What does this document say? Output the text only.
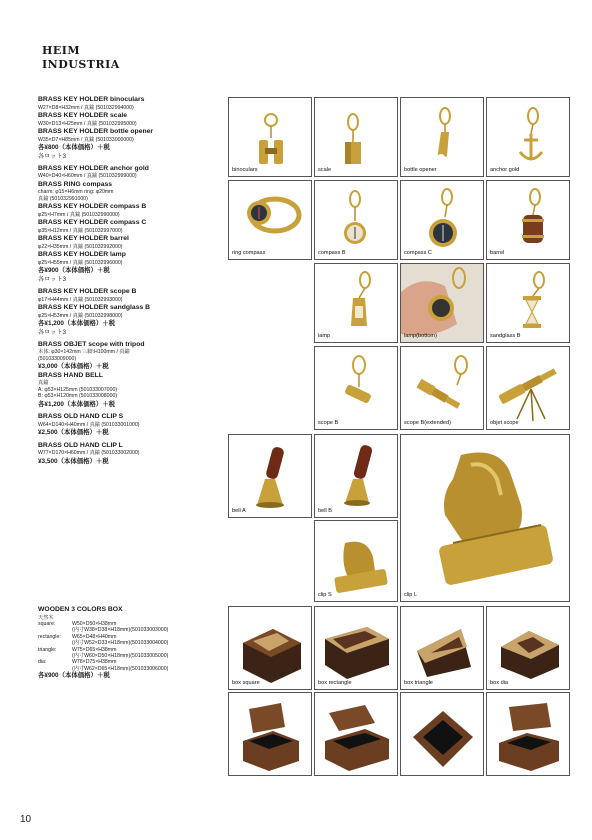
HEIM
INDUSTRIA
BRASS KEY HOLDER binoculars
W27×D8×H32mm / 真鍮 (501032994000)
BRASS KEY HOLDER scale
W30×D13×H25mm / 真鍮 (501032995000)
BRASS KEY HOLDER bottle opener
W35×D7×H85mm / 真鍮 (501033000000)
各¥800（本体価格）＋税
各ロット3
BRASS KEY HOLDER anchor gold
W40×D40×H60mm / 真鍮 (501032999000)
BRASS RING compass
charm: φ15×H6mm ring: φ20mm
真鍮 (501032991000)
BRASS KEY HOLDER compass B
φ25×H7mm / 真鍮 (501032990000)
BRASS KEY HOLDER compass C
φ35×H12mm / 真鍮 (501032997000)
BRASS KEY HOLDER barrel
φ22×H35mm / 真鍮 (501032992000)
BRASS KEY HOLDER lamp
φ25×H55mm / 真鍮 (501032996000)
各¥900（本体価格）＋税
各ロット3
BRASS KEY HOLDER scope B
φ17×H44mm / 真鍮 (501032993000)
BRASS KEY HOLDER sandglass B
φ25×H53mm / 真鍮 (501032998000)
各¥1,200（本体価格）＋税
各ロット3
BRASS OBJET scope with tripod
本体: φ30×142mm 三脚:H100mm / 真鍮
(501033009000)
¥3,000（本体価格）＋税
BRASS HAND BELL
真鍮
A: φ53×H125mm (501033007000)
B: φ53×H120mm (501033008000)
各¥1,200（本体価格）＋税
BRASS OLD HAND CLIP S
W64×D140×H40mm / 真鍮 (501033001000)
¥2,500（本体価格）＋税
BRASS OLD HAND CLIP L
W77×D170×H60mm / 真鍮 (501033002000)
¥3,500（本体価格）＋税
WOODEN 3 COLORS BOX
天然木
square:	W50×D50×H38mm
(内寸W38×D38×H18mm)(501033003000)
rectangle:	W65×D48×H40mm
(内寸W52×D33×H18mm)(501033004000)
triangle:	W75×D65×H38mm
(内寸W60×D50×H18mm)(501033005000)
dia:	W78×D75×H38mm
(内寸W62×D65×H18mm)(501033006000)
各¥900（本体価格）＋税
binoculars	scale	bottle opener	anchor gold
ring compass	compass B	compass C	barrel
lamp	lamp(bottom)	sandglass B
scope B	scope B(extended)	objet scope
bell A	bell B
clip L
clip S
box square	box rectangle	box triangle	box dia
10
